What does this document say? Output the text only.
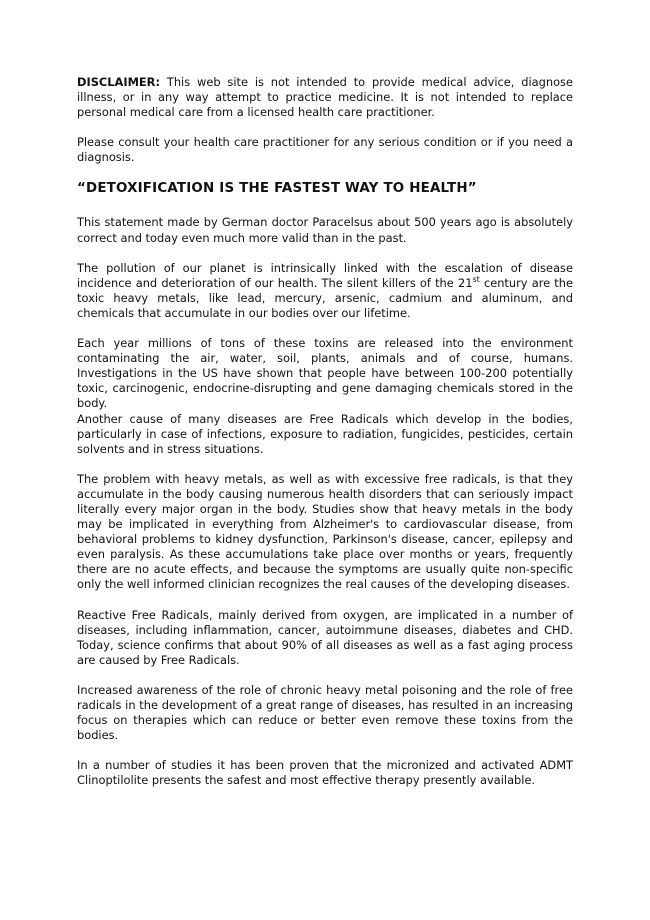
DISCLAIMER: This web site is not intended to provide medical advice, diagnose illness, or in any way attempt to practice medicine. It is not intended to replace personal medical care from a licensed health care practitioner.

Please consult your health care practitioner for any serious condition or if you need a diagnosis.

“DETOXIFICATION IS THE FASTEST WAY TO HEALTH”

This statement made by German doctor Paracelsus about 500 years ago is absolutely correct and today even much more valid than in the past.

The pollution of our planet is intrinsically linked with the escalation of disease incidence and deterioration of our health. The silent killers of the 21st century are the toxic heavy metals, like lead, mercury, arsenic, cadmium and aluminum, and chemicals that accumulate in our bodies over our lifetime.

Each year millions of tons of these toxins are released into the environment contaminating the air, water, soil, plants, animals and of course, humans. Investigations in the US have shown that people have between 100-200 potentially toxic, carcinogenic, endocrine-disrupting and gene damaging chemicals stored in the body.

Another cause of many diseases are Free Radicals which develop in the bodies, particularly in case of infections, exposure to radiation, fungicides, pesticides, certain solvents and in stress situations.

The problem with heavy metals, as well as with excessive free radicals, is that they accumulate in the body causing numerous health disorders that can seriously impact literally every major organ in the body. Studies show that heavy metals in the body may be implicated in everything from Alzheimer's to cardiovascular disease, from behavioral problems to kidney dysfunction, Parkinson's disease, cancer, epilepsy and even paralysis. As these accumulations take place over months or years, frequently there are no acute effects, and because the symptoms are usually quite non-specific only the well informed clinician recognizes the real causes of the developing diseases.

Reactive Free Radicals, mainly derived from oxygen, are implicated in a number of diseases, including inflammation, cancer, autoimmune diseases, diabetes and CHD. Today, science confirms that about 90% of all diseases as well as a fast aging process are caused by Free Radicals.

Increased awareness of the role of chronic heavy metal poisoning and the role of free radicals in the development of a great range of diseases, has resulted in an increasing focus on therapies which can reduce or better even remove these toxins from the bodies.

In a number of studies it has been proven that the micronized and activated ADMT Clinoptilolite presents the safest and most effective therapy presently available.
